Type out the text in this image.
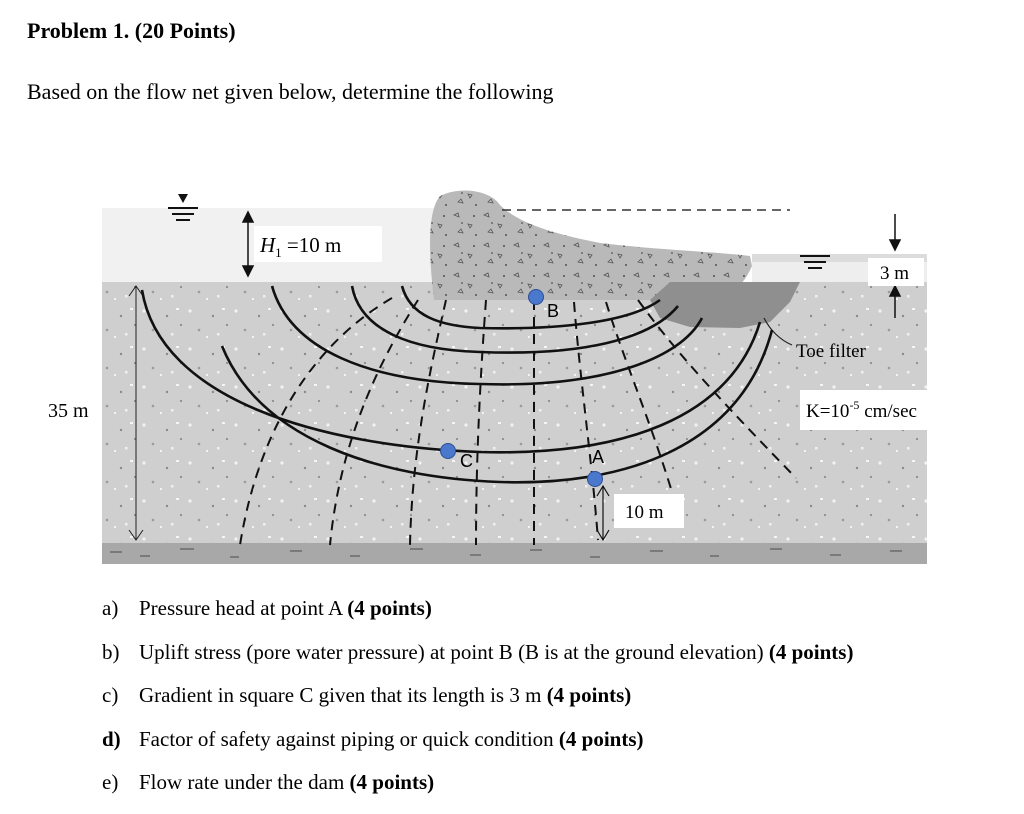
Problem 1. (20 Points)
Based on the flow net given below, determine the following
$H_1 =10$ m
35 m
3 m
Toe filter
$K=10^{-5}$ cm/sec
10 m
B
C	A
a) Pressure head at point A (4 points)
b) Uplift stress (pore water pressure) at point B (B is at the ground elevation) (4 points)
c) Gradient in square C given that its length is 3 m (4 points)
d) Factor of safety against piping or quick condition (4 points)
e) Flow rate under the dam (4 points)
